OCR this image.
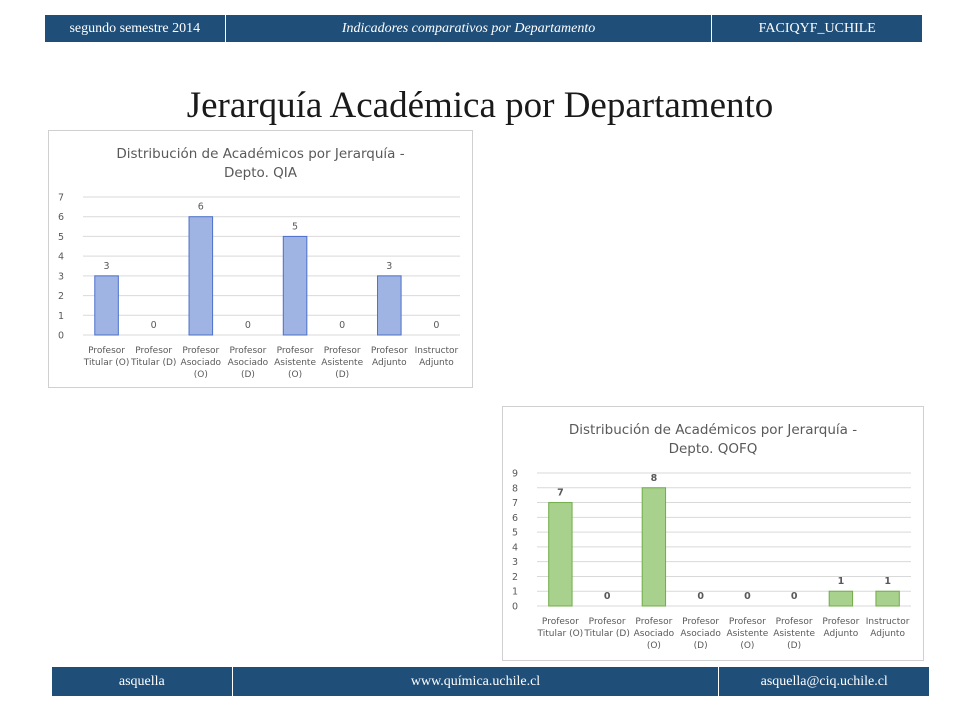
segundo semestre 2014	Indicadores comparativos por Departamento	FACIQYF_UCHILE
Jerarquía Académica por Departamento
Distribución de Académicos por Jerarquía -
Depto. QIA
0
1
2
3
4
5
6
7
3
Profesor
Titular (O)
0
Profesor
Titular (D)
6
Profesor
Asociado
(O)
0
Profesor
Asociado
(D)
5
Profesor
Asistente
(O)
0
Profesor
Asistente
(D)
3
Profesor
Adjunto
0
Instructor
Adjunto
Distribución de Académicos por Jerarquía -
Depto. QOFQ
0
1
2
3
4
5
6
7
8
9
7
Profesor
Titular (O)
0
Profesor
Titular (D)
8
Profesor
Asociado
(O)
0
Profesor
Asociado
(D)
0
Profesor
Asistente
(O)
0
Profesor
Asistente
(D)
1
Profesor
Adjunto
1
Instructor
Adjunto
asquella	www.química.uchile.cl	asquella@ciq.uchile.cl
